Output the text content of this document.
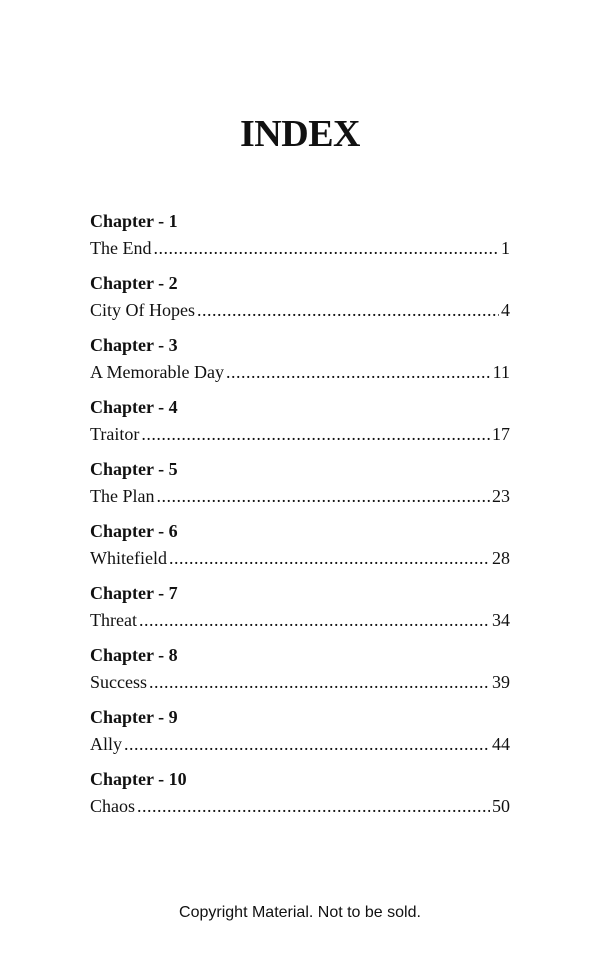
INDEX
Chapter - 1
The End .....	1
Chapter - 2
City Of Hopes .....	4
Chapter - 3
A Memorable Day .....	11
Chapter - 4
Traitor .....	17
Chapter - 5
The Plan .....	23
Chapter - 6
Whitefield .....	28
Chapter - 7
Threat .....	34
Chapter - 8
Success .....	39
Chapter - 9
Ally .....	44
Chapter - 10
Chaos .....	50
Copyright Material. Not to be sold.
